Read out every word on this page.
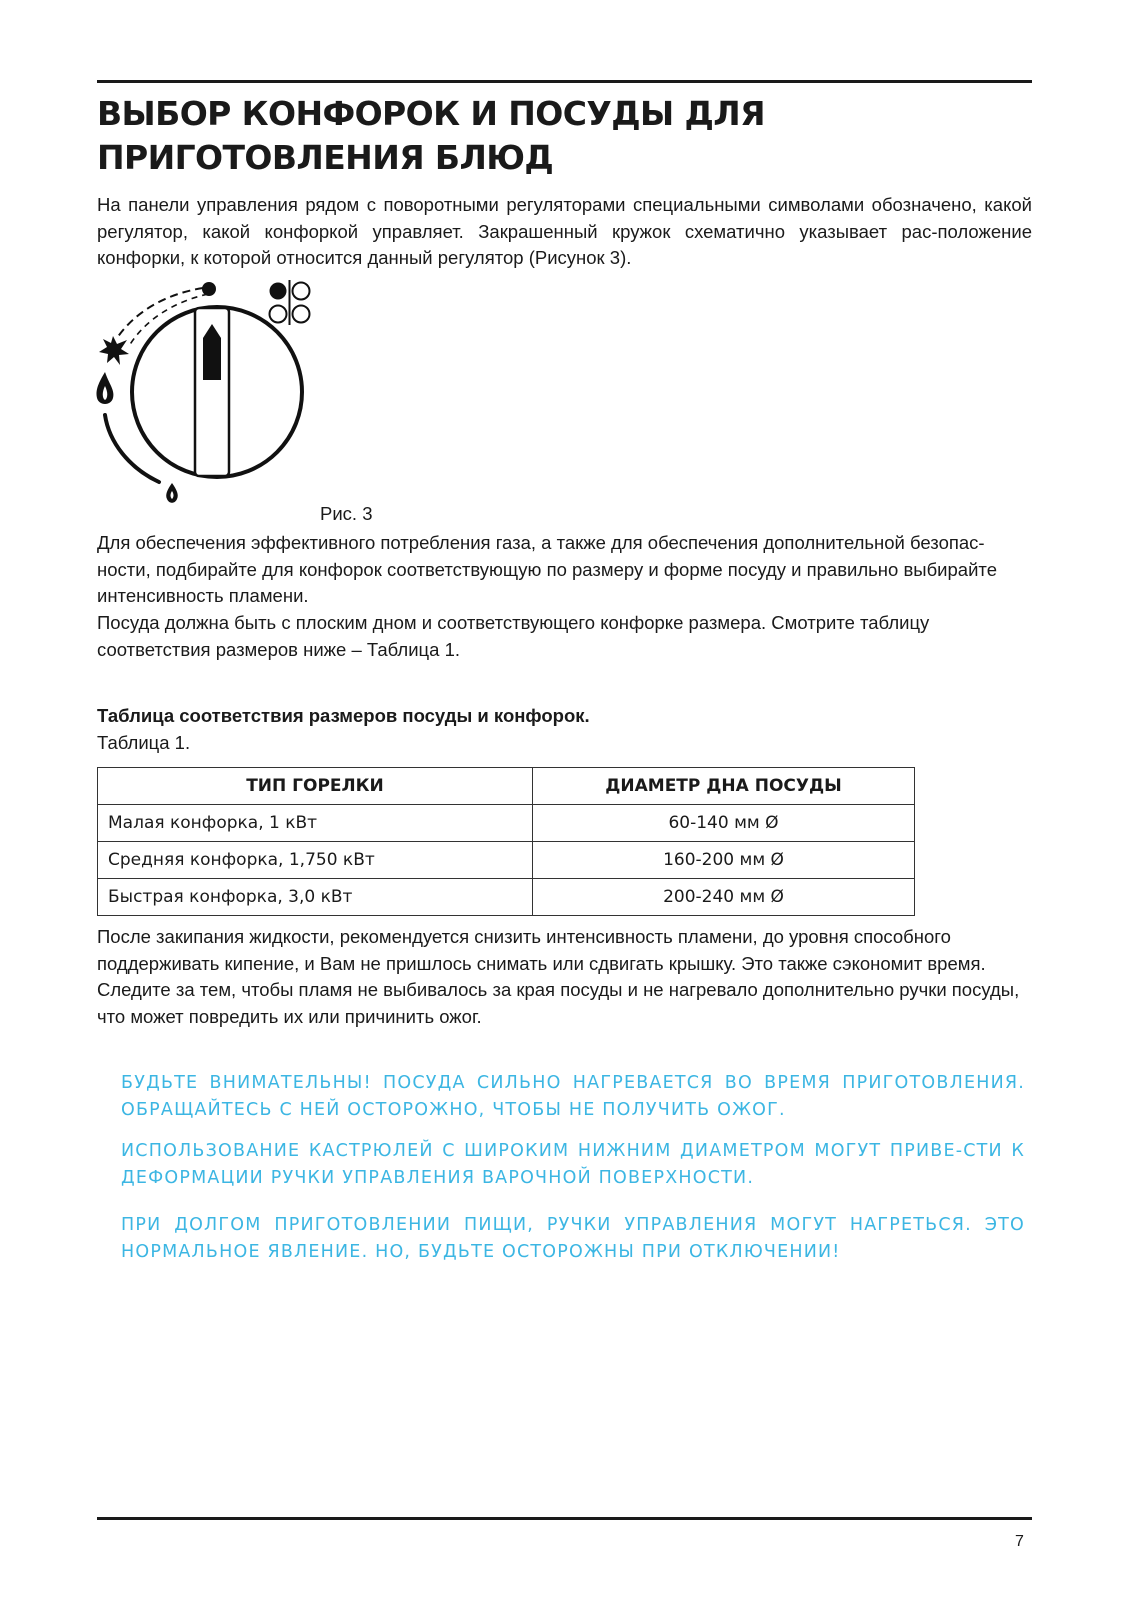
ВЫБОР КОНФОРОК И ПОСУДЫ ДЛЯ ПРИГОТОВЛЕНИЯ БЛЮД

На панели управления рядом с поворотными регуляторами специальными символами обозначено, какой регулятор, какой конфоркой управляет. Закрашенный кружок схематично указывает рас-положение конфорки, к которой относится данный регулятор (Рисунок 3).

Рис. 3

Для обеспечения эффективного потребления газа, а также для обеспечения дополнительной безопас-ности, подбирайте для конфорок соответствующую по размеру и форме посуду и правильно выбирайте интенсивность пламени.

Посуда должна быть с плоским дном и соответствующего конфорке размера. Смотрите таблицу соответствия размеров ниже – Таблица 1.

Таблица соответствия размеров посуды и конфорок.
Таблица 1.
ТИП ГОРЕЛКИ	ДИАМЕТР ДНА ПОСУДЫ
Малая конфорка, 1 кВт	60-140 мм Ø
Средняя конфорка, 1,750 кВт	160-200 мм Ø
Быстрая конфорка, 3,0 кВт	200-240 мм Ø

После закипания жидкости, рекомендуется снизить интенсивность пламени, до уровня способного поддерживать кипение, и Вам не пришлось снимать или сдвигать крышку. Это также сэкономит время. Следите за тем, чтобы пламя не выбивалось за края посуды и не нагревало дополнительно ручки посуды, что может повредить их или причинить ожог.

БУДЬТЕ ВНИМАТЕЛЬНЫ! ПОСУДА СИЛЬНО НАГРЕВАЕТСЯ ВО ВРЕМЯ ПРИГОТОВЛЕНИЯ. ОБРАЩАЙТЕСЬ С НЕЙ ОСТОРОЖНО, ЧТОБЫ НЕ ПОЛУЧИТЬ ОЖОГ.

ИСПОЛЬЗОВАНИЕ КАСТРЮЛЕЙ С ШИРОКИМ НИЖНИМ ДИАМЕТРОМ МОГУТ ПРИВЕ-СТИ К ДЕФОРМАЦИИ РУЧКИ УПРАВЛЕНИЯ ВАРОЧНОЙ ПОВЕРХНОСТИ.

ПРИ ДОЛГОМ ПРИГОТОВЛЕНИИ ПИЩИ, РУЧКИ УПРАВЛЕНИЯ МОГУТ НАГРЕТЬСЯ. ЭТО НОРМАЛЬНОЕ ЯВЛЕНИЕ. НО, БУДЬТЕ ОСТОРОЖНЫ ПРИ ОТКЛЮЧЕНИИ!

7
